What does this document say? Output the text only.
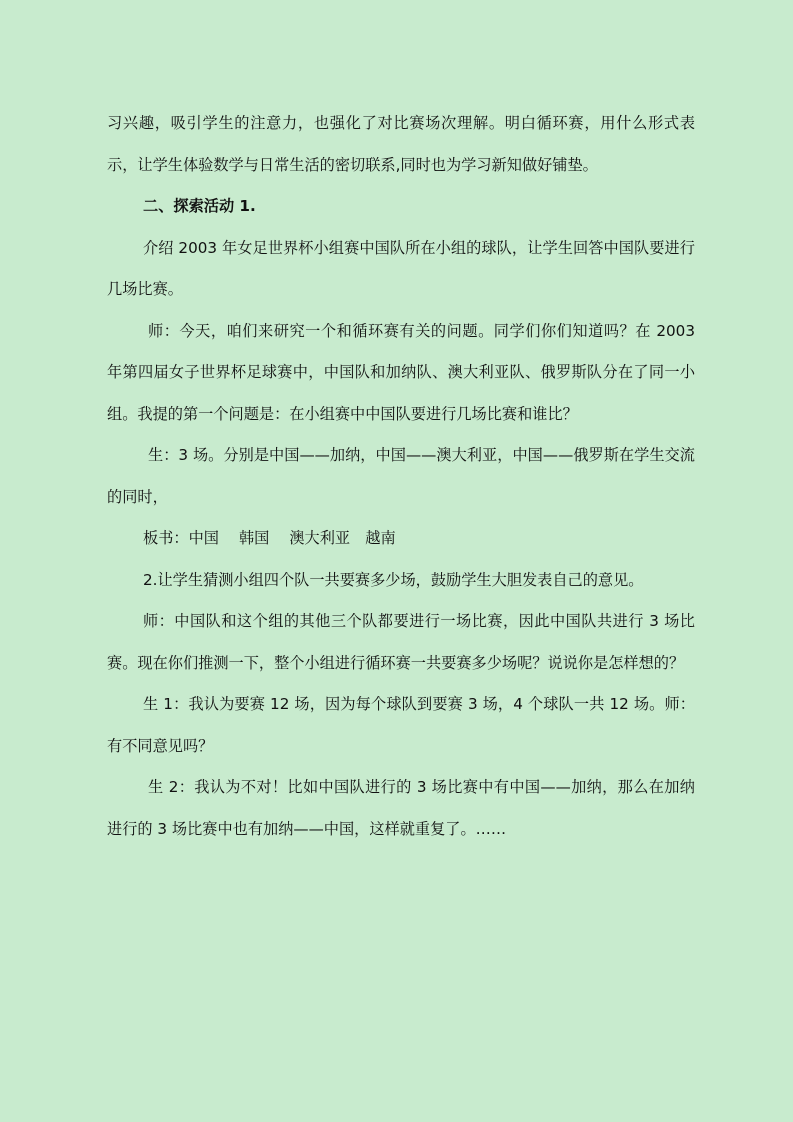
习兴趣，吸引学生的注意力，也强化了对比赛场次理解。明白循环赛，用什么形式表示，让学生体验数学与日常生活的密切联系,同时也为学习新知做好铺垫。

二、探索活动 1.

介绍 2003 年女足世界杯小组赛中国队所在小组的球队，让学生回答中国队要进行几场比赛。

师：今天，咱们来研究一个和循环赛有关的问题。同学们你们知道吗？在 2003 年第四届女子世界杯足球赛中，中国队和加纳队、澳大利亚队、俄罗斯队分在了同一小组。我提的第一个问题是：在小组赛中中国队要进行几场比赛和谁比？

生：3 场。分别是中国——加纳，中国——澳大利亚，中国——俄罗斯在学生交流的同时，

板书：中国　 韩国　 澳大利亚　越南

2.让学生猜测小组四个队一共要赛多少场，鼓励学生大胆发表自己的意见。

师：中国队和这个组的其他三个队都要进行一场比赛，因此中国队共进行 3 场比赛。现在你们推测一下，整个小组进行循环赛一共要赛多少场呢？说说你是怎样想的？

生 1：我认为要赛 12 场，因为每个球队到要赛 3 场，4 个球队一共 12 场。师：有不同意见吗？

生 2：我认为不对！比如中国队进行的 3 场比赛中有中国——加纳，那么在加纳进行的 3 场比赛中也有加纳——中国，这样就重复了。……
